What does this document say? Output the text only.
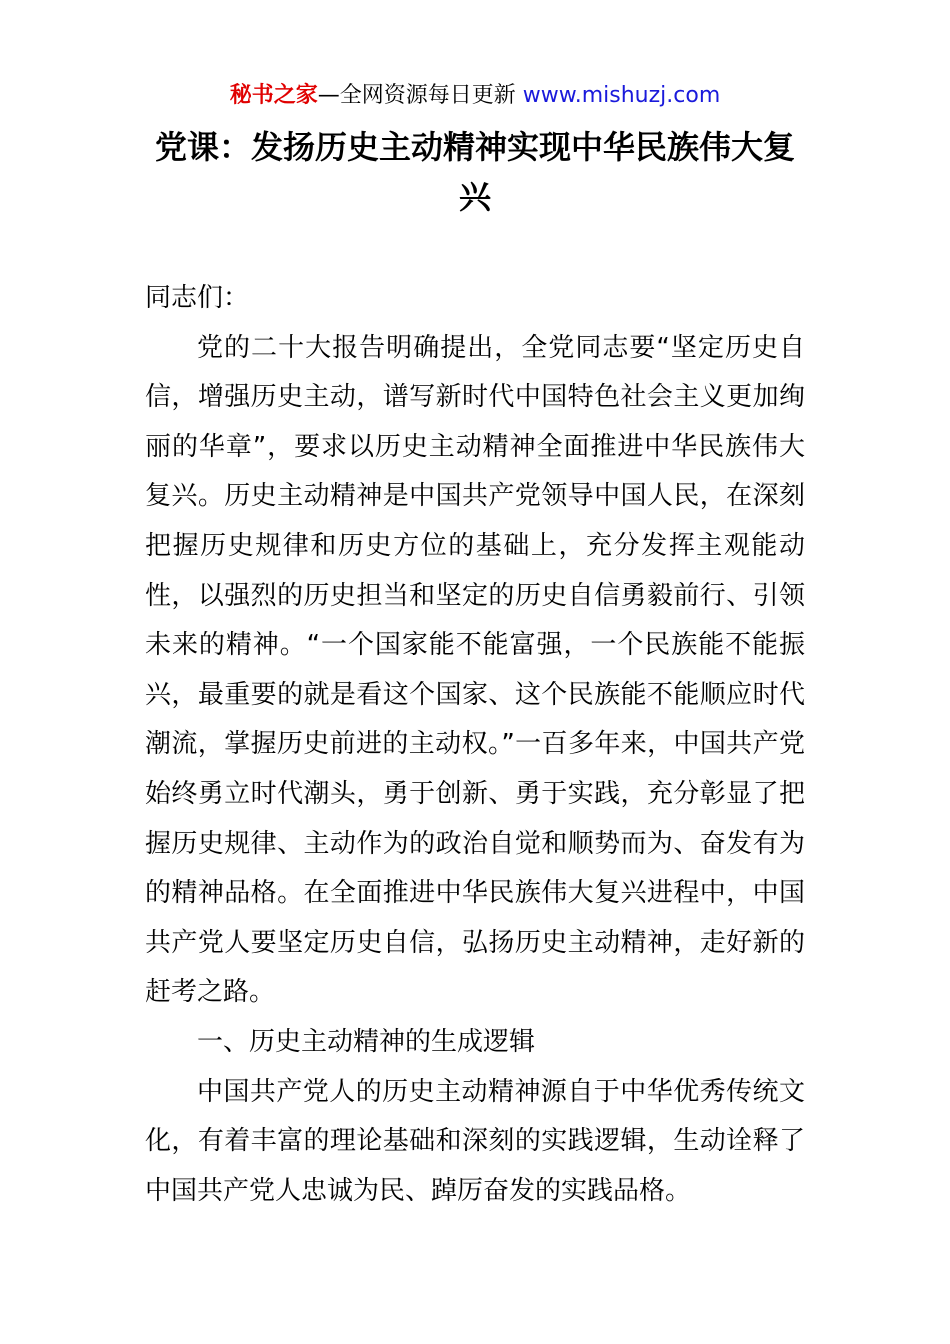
秘书之家—全网资源每日更新 www.mishuzj.com
党课：发扬历史主动精神实现中华民族伟大复兴

同志们：

党的二十大报告明确提出，全党同志要“坚定历史自信，增强历史主动，谱写新时代中国特色社会主义更加绚丽的华章”，要求以历史主动精神全面推进中华民族伟大复兴。历史主动精神是中国共产党领导中国人民，在深刻把握历史规律和历史方位的基础上，充分发挥主观能动性，以强烈的历史担当和坚定的历史自信勇毅前行、引领未来的精神。“一个国家能不能富强，一个民族能不能振兴，最重要的就是看这个国家、这个民族能不能顺应时代潮流，掌握历史前进的主动权。”一百多年来，中国共产党始终勇立时代潮头，勇于创新、勇于实践，充分彰显了把握历史规律、主动作为的政治自觉和顺势而为、奋发有为的精神品格。在全面推进中华民族伟大复兴进程中，中国共产党人要坚定历史自信，弘扬历史主动精神，走好新的赶考之路。

一、历史主动精神的生成逻辑

中国共产党人的历史主动精神源自于中华优秀传统文化，有着丰富的理论基础和深刻的实践逻辑，生动诠释了中国共产党人忠诚为民、踔厉奋发的实践品格。
